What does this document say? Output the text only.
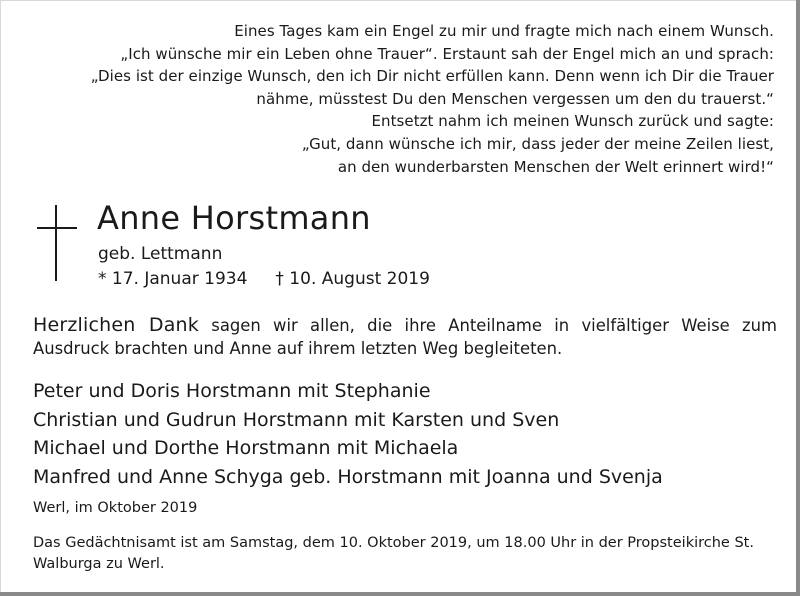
Eines Tages kam ein Engel zu mir und fragte mich nach einem Wunsch.
„Ich wünsche mir ein Leben ohne Trauer“. Erstaunt sah der Engel mich an und sprach:
„Dies ist der einzige Wunsch, den ich Dir nicht erfüllen kann. Denn wenn ich Dir die Trauer
nähme, müsstest Du den Menschen vergessen um den du trauerst.“
Entsetzt nahm ich meinen Wunsch zurück und sagte:
„Gut, dann wünsche ich mir, dass jeder der meine Zeilen liest,
an den wunderbarsten Menschen der Welt erinnert wird!“
Anne Horstmann
geb. Lettmann
* 17. Januar 1934 † 10. August 2019
Herzlichen Dank sagen wir allen, die ihre Anteilname in vielfältiger Weise zum Ausdruck brachten und Anne auf ihrem letzten Weg begleiteten.
Peter und Doris Horstmann mit Stephanie
Christian und Gudrun Horstmann mit Karsten und Sven
Michael und Dorthe Horstmann mit Michaela
Manfred und Anne Schyga geb. Horstmann mit Joanna und Svenja
Werl, im Oktober 2019
Das Gedächtnisamt ist am Samstag, dem 10. Oktober 2019, um 18.00 Uhr in der Propsteikirche St. Walburga zu Werl.
